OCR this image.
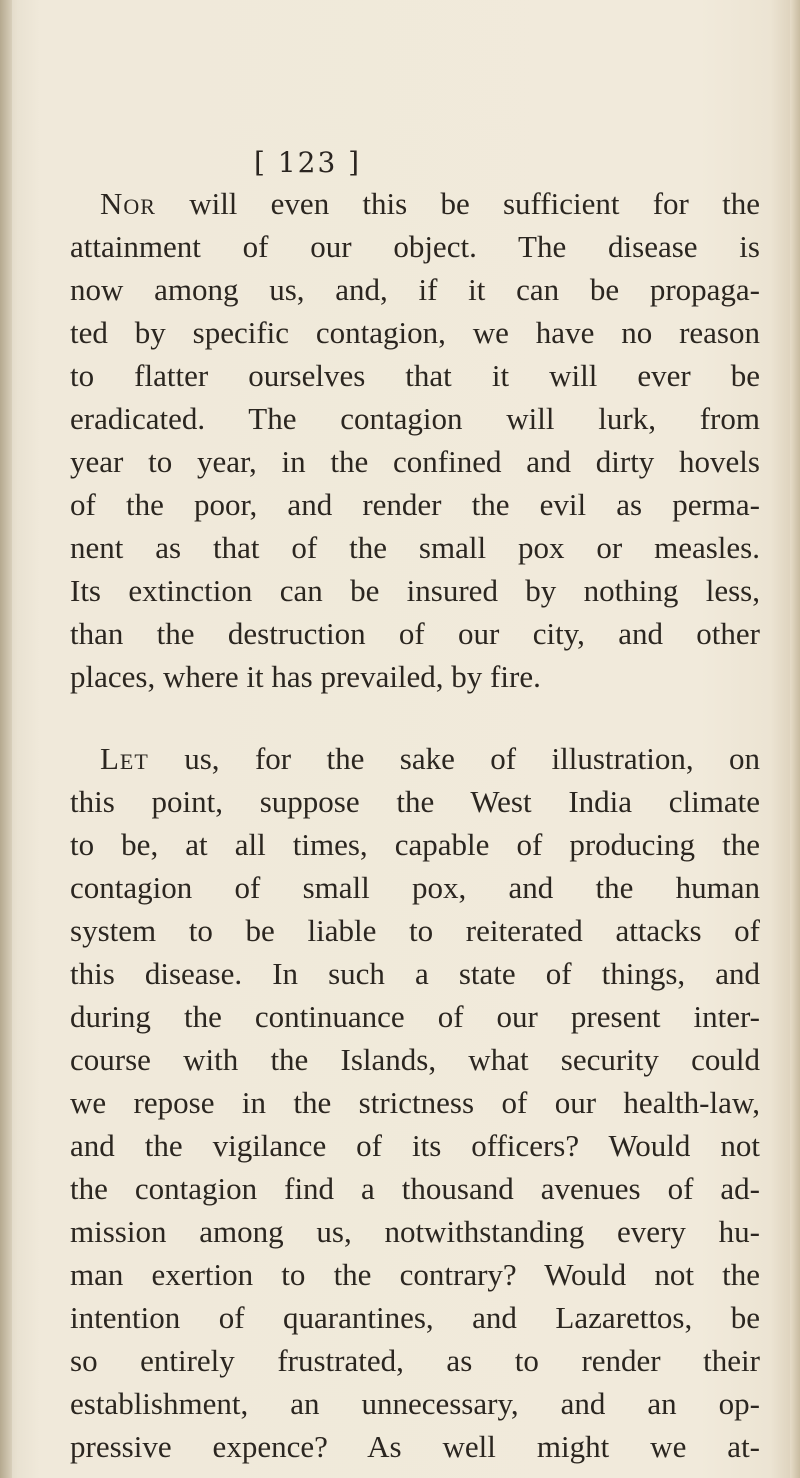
[ 123 ]
Nor will even this be sufficient for the
attainment of our object. The disease is
now among us, and, if it can be propaga-
ted by specific contagion, we have no reason
to flatter ourselves that it will ever be
eradicated. The contagion will lurk, from
year to year, in the confined and dirty hovels
of the poor, and render the evil as perma-
nent as that of the small pox or measles.
Its extinction can be insured by nothing less,
than the destruction of our city, and other
places, where it has prevailed, by fire.
Let us, for the sake of illustration, on
this point, suppose the West India climate
to be, at all times, capable of producing the
contagion of small pox, and the human
system to be liable to reiterated attacks of
this disease. In such a state of things, and
during the continuance of our present inter-
course with the Islands, what security could
we repose in the strictness of our health-law,
and the vigilance of its officers? Would not
the contagion find a thousand avenues of ad-
mission among us, notwithstanding every hu-
man exertion to the contrary? Would not the
intention of quarantines, and Lazarettos, be
so entirely frustrated, as to render their
establishment, an unnecessary, and an op-
pressive expence? As well might we at-
